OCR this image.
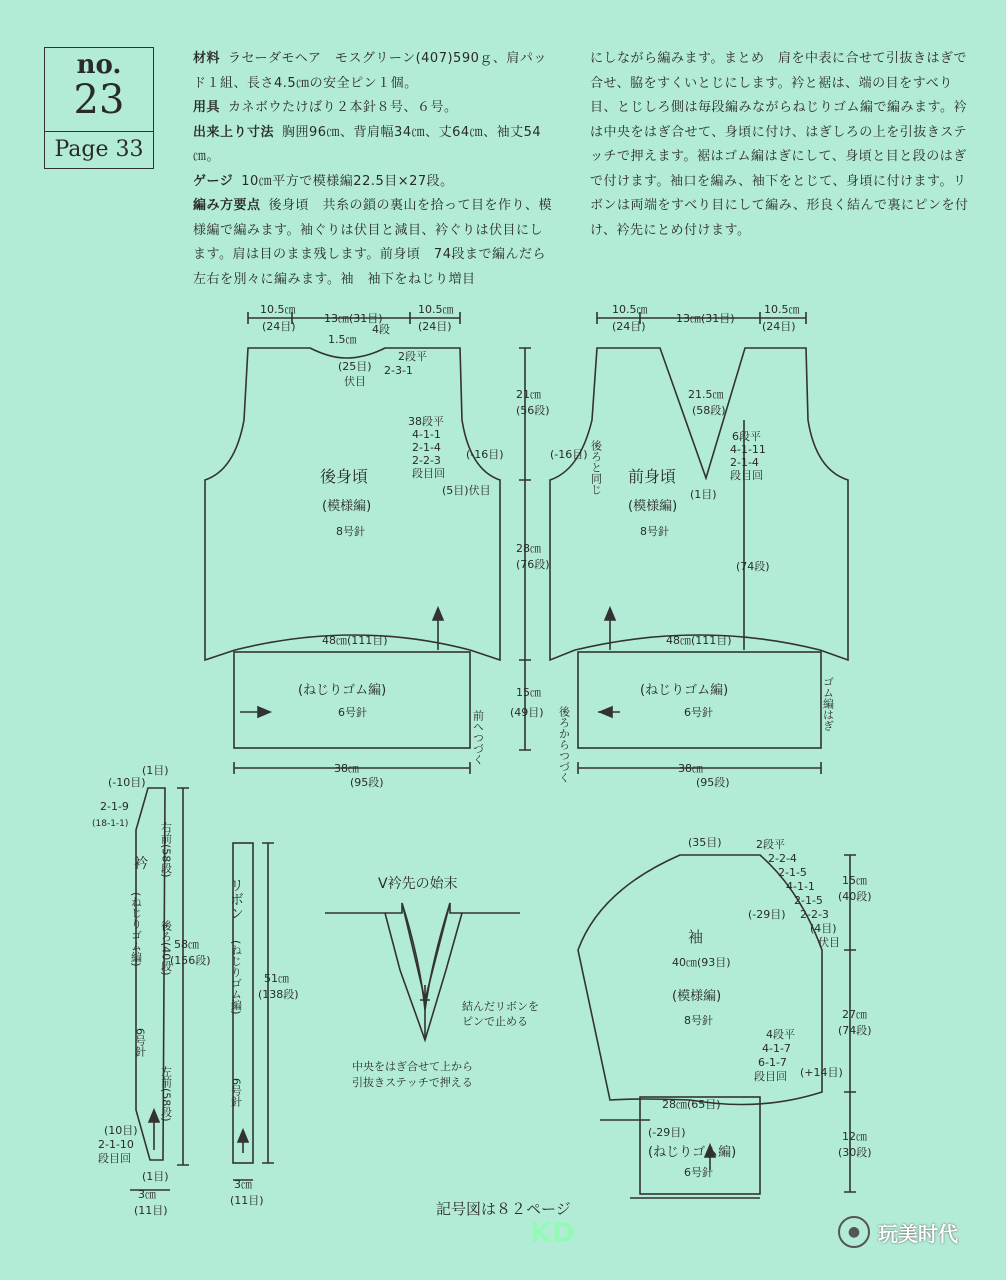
no.
23
Page 33
材料 ラセーダモヘア　モスグリーン(407)590ｇ、肩パッド１組、長さ4.5㎝の安全ピン１個。
用具 カネボウたけばり２本針８号、６号。
出来上り寸法 胸囲96㎝、背肩幅34㎝、丈64㎝、袖丈54㎝。
ゲージ 10㎝平方で模様編22.5目×27段。
編み方要点 後身頃　共糸の鎖の裏山を拾って目を作り、模様編で編みます。袖ぐりは伏目と減目、衿ぐりは伏目にします。肩は目のまま残します。前身頃　74段まで編んだら左右を別々に編みます。袖　袖下をねじり増目
にしながら編みます。まとめ　肩を中表に合せて引抜きはぎで合せ、脇をすくいとじにします。衿と裾は、端の目をすべり目、とじしろ側は毎段編みながらねじりゴム編で編みます。衿は中央をはぎ合せて、身頃に付け、はぎしろの上を引抜きステッチで押えます。裾はゴム編はぎにして、身頃と目と段のはぎで付けます。袖口を編み、袖下をとじて、身頃に付けます。リボンは両端をすべり目にして編み、形良く結んで裏にピンを付け、衿先にとめ付けます。
10.5㎝
(24目)
13㎝(31目)
10.5㎝
(24目)
1.5㎝
4段
2段平
(25目) 2-3-1
伏目
21㎝
(56段)
38段平
4-1-1
2-1-4
2-2-3
段目回
(-16目)
(5目)伏目
後身頃
(模様編)
8号針
28㎝
(76段)
48㎝(111目)
(ねじりゴム編)
6号針
15㎝
(49目)
前へつづく
38㎝
(95段)
10.5㎝
(24目)
13㎝(31目)
10.5㎝
(24目)
21.5㎝
(58段)
6段平
4-1-11
2-1-4
段目回
(1目)
(-16目) 後ろと同じ 前身頃
(模様編)
8号針
(74段)
48㎝(111目)
(ねじりゴム編)
6号針
後ろからつづく
ゴム編はぎ
38㎝
(95段)
(-10目)
(1目)
2-1-9
(18-1-1)
衿
(ねじりゴム編)
6号針
右前(58段)
後ろ(40段)
左前(58段)
58㎝
(156段)
(10目)
2-1-10
段目回
(1目)
3㎝
(11目)
リボン
(ねじりゴム編)
6号針
51㎝
(138段)
3㎝
(11目)
V衿先の始末
結んだリボンを
ピンで止める
中央をはぎ合せて上から
引抜きステッチで押える
(35目)	2段平
2-2-4
2-1-5
4-1-1
2-1-5
2-2-3
(4目)
伏目
15㎝
(40段)
(-29目)
袖
40㎝(93目)
(模様編)
8号針
4段平
4-1-7
6-1-7
段目回 (+14目)
27㎝
(74段)
28㎝(65目)
(-29目)
(ねじりゴム編)
6号針
12㎝
(30段)
記号図は８２ページ
KD	● 玩美时代
